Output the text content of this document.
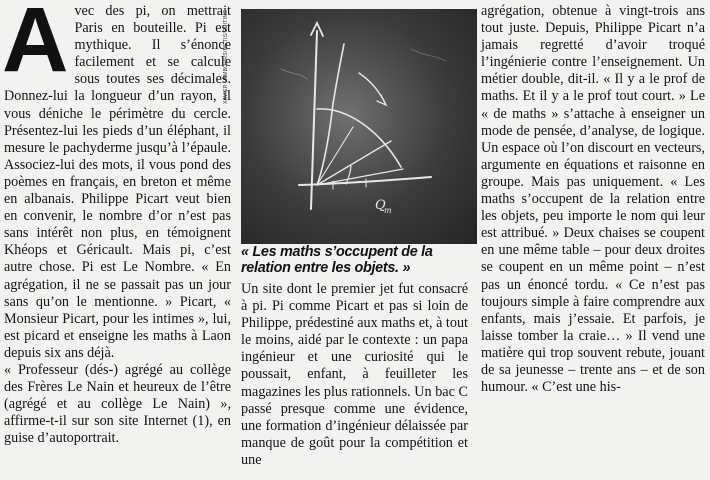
Avec des pi, on mettrait Paris en bouteille. Pi est mythique. Il s’énonce facilement et se calcule sous toutes ses décimales. Donnez-lui la longueur d’un rayon, il vous déniche le périmètre du cercle. Présentez-lui les pieds d’un éléphant, il mesure le pachyderme jusqu’à l’épaule. Associez-lui des mots, il vous pond des poèmes en français, en breton et même en albanais. Philippe Picart veut bien en convenir, le nombre d’or n’est pas sans intérêt non plus, en témoignent Khéops et Géricault. Mais pi, c’est autre chose. Pi est Le Nombre. « En agrégation, il ne se passait pas un jour sans qu’on le mentionne. » Picart, « Monsieur Picart, pour les intimes », lui, est picard et enseigne les maths à Laon depuis six ans déjà.

« Professeur (dés-) agrégé au collège des Frères Le Nain et heureux de l’être (agrégé et au collège Le Nain) », affirme-t-il sur son site Internet (1), en guise d’autoportrait.

Q
m
XAVIER LAMBOURS/METIS/EDITING
« Les maths s’occupent de la relation entre les objets. »

Un site dont le premier jet fut consacré à pi. Pi comme Picart et pas si loin de Philippe, prédestiné aux maths et, à tout le moins, aidé par le contexte : un papa ingénieur et une curiosité qui le poussait, enfant, à feuilleter les magazines les plus rationnels. Un bac C passé presque comme une évidence, une formation d’ingénieur délaissée par manque de goût pour la compétition et une

agrégation, obtenue à vingt-trois ans tout juste. Depuis, Philippe Picart n’a jamais regretté d’avoir troqué l’ingénierie contre l’enseignement. Un métier double, dit-il. « Il y a le prof de maths. Et il y a le prof tout court. » Le « de maths » s’attache à enseigner un mode de pensée, d’analyse, de logique. Un espace où l’on discourt en vecteurs, argumente en équations et raisonne en groupe. Mais pas uniquement. « Les maths s’occupent de la relation entre les objets, peu importe le nom qui leur est attribué. » Deux chaises se coupent en une même table – pour deux droites se coupent en un même point – n’est pas un énoncé tordu. « Ce n’est pas toujours simple à faire comprendre aux enfants, mais j’essaie. Et parfois, je laisse tomber la craie… » Il vend une matière qui trop souvent rebute, jouant de sa jeunesse – trente ans – et de son humour. « C’est une his-
